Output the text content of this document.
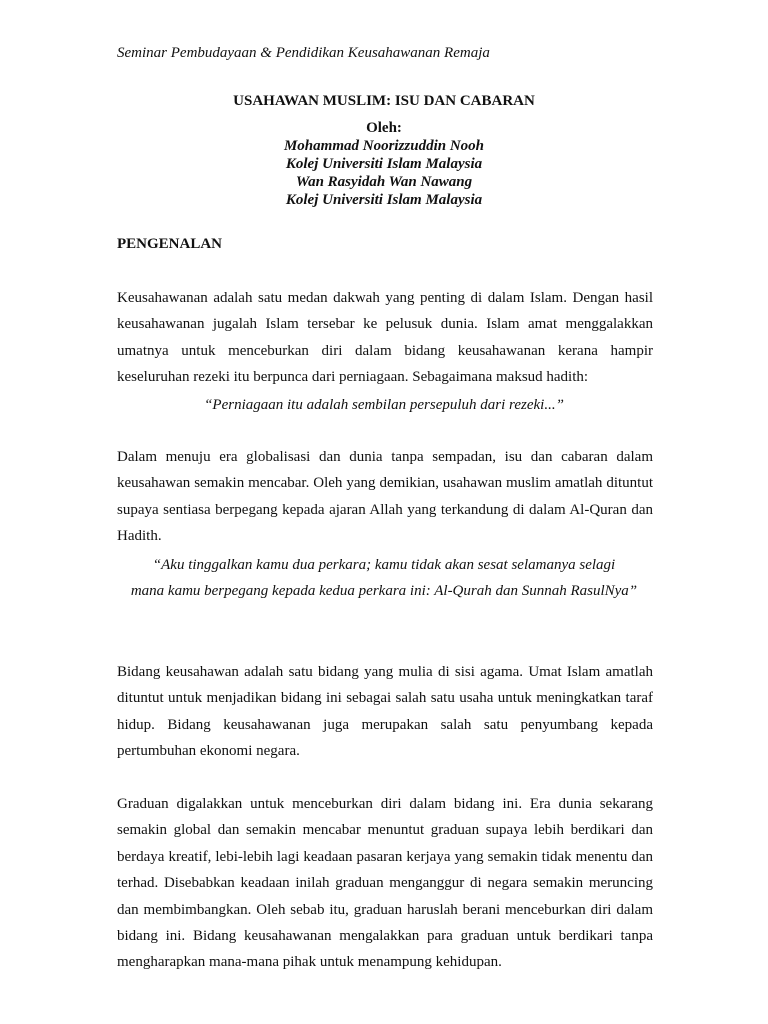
Seminar Pembudayaan & Pendidikan Keusahawanan Remaja
USAHAWAN MUSLIM: ISU DAN CABARAN
Oleh:
Mohammad Noorizzuddin Nooh
Kolej Universiti Islam Malaysia
Wan Rasyidah Wan Nawang
Kolej Universiti Islam Malaysia
PENGENALAN

Keusahawanan adalah satu medan dakwah yang penting di dalam Islam. Dengan hasil keusahawanan jugalah Islam tersebar ke pelusuk dunia. Islam amat menggalakkan umatnya untuk menceburkan diri dalam bidang keusahawanan kerana hampir keseluruhan rezeki itu berpunca dari perniagaan. Sebagaimana maksud hadith:

“Perniagaan itu adalah sembilan persepuluh dari rezeki...”

Dalam menuju era globalisasi dan dunia tanpa sempadan, isu dan cabaran dalam keusahawan semakin mencabar. Oleh yang demikian, usahawan muslim amatlah dituntut supaya sentiasa berpegang kepada ajaran Allah yang terkandung di dalam Al-Quran dan Hadith.

“Aku tinggalkan kamu dua perkara; kamu tidak akan sesat selamanya selagi

mana kamu berpegang kepada kedua perkara ini: Al-Qurah dan Sunnah RasulNya”

Bidang keusahawan adalah satu bidang yang mulia di sisi agama. Umat Islam amatlah dituntut untuk menjadikan bidang ini sebagai salah satu usaha untuk meningkatkan taraf hidup. Bidang keusahawanan juga merupakan salah satu penyumbang kepada pertumbuhan ekonomi negara.

Graduan digalakkan untuk menceburkan diri dalam bidang ini. Era dunia sekarang semakin global dan semakin mencabar menuntut graduan supaya lebih berdikari dan berdaya kreatif, lebi-lebih lagi keadaan pasaran kerjaya yang semakin tidak menentu dan terhad. Disebabkan keadaan inilah graduan menganggur di negara semakin meruncing dan membimbangkan. Oleh sebab itu, graduan haruslah berani menceburkan diri dalam bidang ini. Bidang keusahawanan mengalakkan para graduan untuk berdikari tanpa mengharapkan mana-mana pihak untuk menampung kehidupan.
